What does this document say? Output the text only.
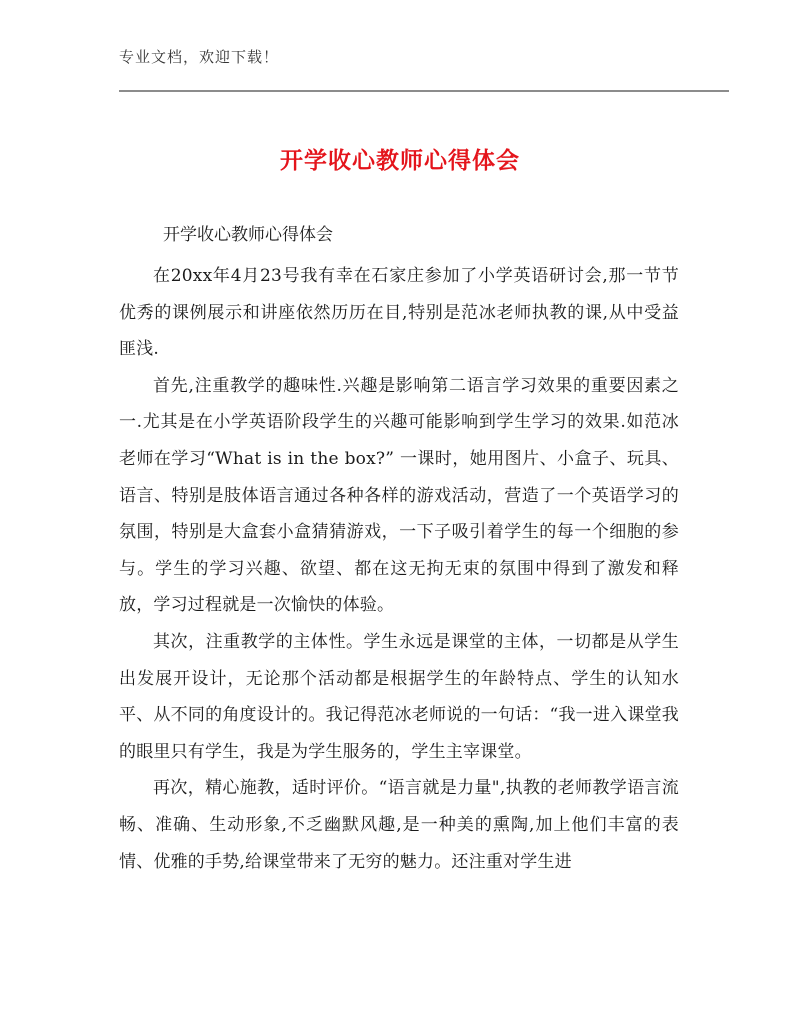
专业文档，欢迎下载！
开学收心教师心得体会
开学收心教师心得体会

在20xx年4月23号我有幸在石家庄参加了小学英语研讨会,那一节节优秀的课例展示和讲座依然历历在目,特别是范冰老师执教的课,从中受益匪浅.

首先,注重教学的趣味性.兴趣是影响第二语言学习效果的重要因素之一.尤其是在小学英语阶段学生的兴趣可能影响到学生学习的效果.如范冰老师在学习“What is in the box?” 一课时，她用图片、小盒子、玩具、语言、特别是肢体语言通过各种各样的游戏活动，营造了一个英语学习的氛围，特别是大盒套小盒猜猜游戏，一下子吸引着学生的每一个细胞的参与。学生的学习兴趣、欲望、都在这无拘无束的氛围中得到了激发和释放，学习过程就是一次愉快的体验。

其次，注重教学的主体性。学生永远是课堂的主体，一切都是从学生出发展开设计，无论那个活动都是根据学生的年龄特点、学生的认知水平、从不同的角度设计的。我记得范冰老师说的一句话：“我一进入课堂我的眼里只有学生，我是为学生服务的，学生主宰课堂。

再次，精心施教，适时评价。“语言就是力量",执教的老师教学语言流畅、准确、生动形象,不乏幽默风趣,是一种美的熏陶,加上他们丰富的表情、优雅的手势,给课堂带来了无穷的魅力。还注重对学生进
